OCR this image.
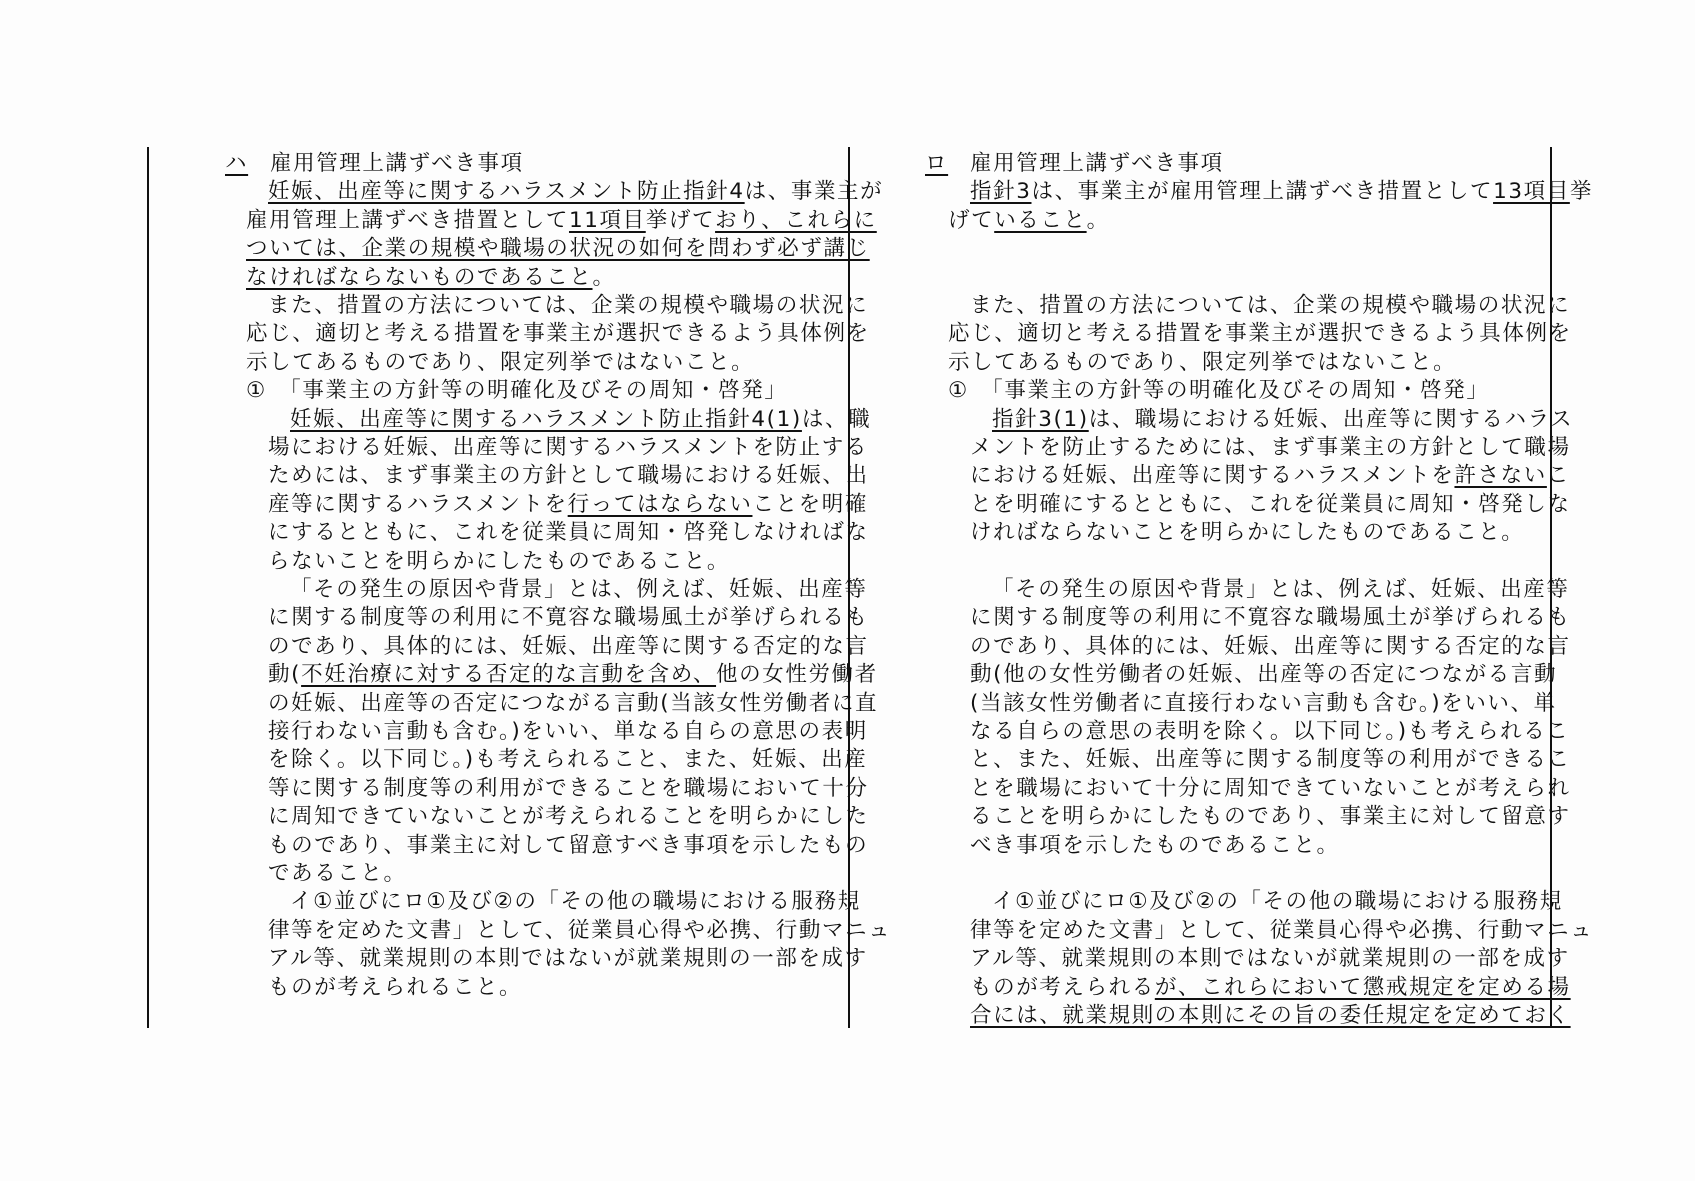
ハ 雇用管理上講ずべき事項
妊娠、出産等に関するハラスメント防止指針4は、事業主が
雇用管理上講ずべき措置として11項目挙げており、これらに
ついては、企業の規模や職場の状況の如何を問わず必ず講じ
なければならないものであること。
また、措置の方法については、企業の規模や職場の状況に
応じ、適切と考える措置を事業主が選択できるよう具体例を
示してあるものであり、限定列挙ではないこと。
①　「事業主の方針等の明確化及びその周知・啓発」
妊娠、出産等に関するハラスメント防止指針4(1)は、職
場における妊娠、出産等に関するハラスメントを防止する
ためには、まず事業主の方針として職場における妊娠、出
産等に関するハラスメントを行ってはならないことを明確
にするとともに、これを従業員に周知・啓発しなければな
らないことを明らかにしたものであること。
「その発生の原因や背景」とは、例えば、妊娠、出産等
に関する制度等の利用に不寛容な職場風土が挙げられるも
のであり、具体的には、妊娠、出産等に関する否定的な言
動(不妊治療に対する否定的な言動を含め、他の女性労働者
の妊娠、出産等の否定につながる言動(当該女性労働者に直
接行わない言動も含む。)をいい、単なる自らの意思の表明
を除く。以下同じ。)も考えられること、また、妊娠、出産
等に関する制度等の利用ができることを職場において十分
に周知できていないことが考えられることを明らかにした
ものであり、事業主に対して留意すべき事項を示したもの
であること。
イ①並びにロ①及び②の「その他の職場における服務規
律等を定めた文書」として、従業員心得や必携、行動マニュ
アル等、就業規則の本則ではないが就業規則の一部を成す
ものが考えられること。
ロ 雇用管理上講ずべき事項
指針3は、事業主が雇用管理上講ずべき措置として13項目挙
げていること。
また、措置の方法については、企業の規模や職場の状況に
応じ、適切と考える措置を事業主が選択できるよう具体例を
示してあるものであり、限定列挙ではないこと。
①　「事業主の方針等の明確化及びその周知・啓発」
指針3(1)は、職場における妊娠、出産等に関するハラス
メントを防止するためには、まず事業主の方針として職場
における妊娠、出産等に関するハラスメントを許さないこ
とを明確にするとともに、これを従業員に周知・啓発しな
ければならないことを明らかにしたものであること。
「その発生の原因や背景」とは、例えば、妊娠、出産等
に関する制度等の利用に不寛容な職場風土が挙げられるも
のであり、具体的には、妊娠、出産等に関する否定的な言
動(他の女性労働者の妊娠、出産等の否定につながる言動
(当該女性労働者に直接行わない言動も含む。)をいい、単
なる自らの意思の表明を除く。以下同じ。)も考えられるこ
と、また、妊娠、出産等に関する制度等の利用ができるこ
とを職場において十分に周知できていないことが考えられ
ることを明らかにしたものであり、事業主に対して留意す
べき事項を示したものであること。
イ①並びにロ①及び②の「その他の職場における服務規
律等を定めた文書」として、従業員心得や必携、行動マニュ
アル等、就業規則の本則ではないが就業規則の一部を成す
ものが考えられるが、これらにおいて懲戒規定を定める場
合には、就業規則の本則にその旨の委任規定を定めておく
